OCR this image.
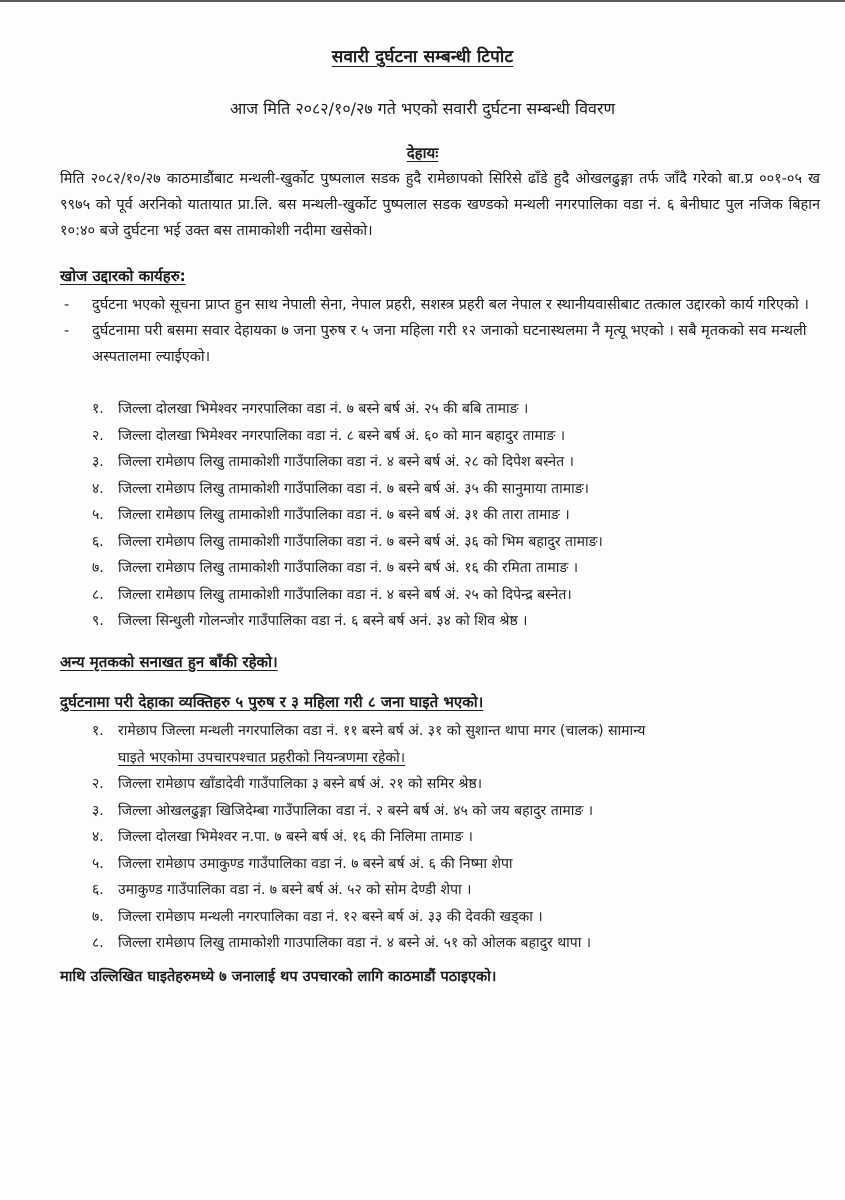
सवारी दुर्घटना सम्बन्धी टिपोट
आज मिति २०८२/१०/२७ गते भएको सवारी दुर्घटना सम्बन्धी विवरण
देहायः
मिति २०८२/१०/२७ काठमाडौंबाट मन्थली-खुर्कोट पुष्पलाल सडक हुदै रामेछापको सिरिसे ढाँडे हुदै ओखलढुङ्गा तर्फ जाँदै गरेको बा.प्र ००१-०५ ख ९९७५ को पूर्व अरनिको यातायात प्रा.लि. बस मन्थली-खुर्कोट पुष्पलाल सडक खण्डको मन्थली नगरपालिका वडा नं. ६ बेनीघाट पुल नजिक बिहान १०:४० बजे दुर्घटना भई उक्त बस तामाकोशी नदीमा खसेको।
खोज उद्दारको कार्यहरु:
- दुर्घटना भएको सूचना प्राप्त हुन साथ नेपाली सेना, नेपाल प्रहरी, सशस्त्र प्रहरी बल नेपाल र स्थानीयवासीबाट तत्काल उद्दारको कार्य गरिएको ।
- दुर्घटनामा परी बसमा सवार देहायका ७ जना पुरुष र ५ जना महिला गरी १२ जनाको घटनास्थलमा नै मृत्यू भएको । सबै मृतकको सव मन्थली अस्पतालमा ल्याईएको।
१. जिल्ला दोलखा भिमेश्वर नगरपालिका वडा नं. ७ बस्ने बर्ष अं. २५ की बबि तामाङ ।
२. जिल्ला दोलखा भिमेश्वर नगरपालिका वडा नं. ८ बस्ने बर्ष अं. ६० को मान बहादुर तामाङ ।
३. जिल्ला रामेछाप लिखु तामाकोशी गाउँपालिका वडा नं. ४ बस्ने बर्ष अं. २८ को दिपेश बस्नेत ।
४. जिल्ला रामेछाप लिखु तामाकोशी गाउँपालिका वडा नं. ७ बस्ने बर्ष अं. ३५ की सानुमाया तामाङ।
५. जिल्ला रामेछाप लिखु तामाकोशी गाउँपालिका वडा नं. ७ बस्ने बर्ष अं. ३१ की तारा तामाङ ।
६. जिल्ला रामेछाप लिखु तामाकोशी गाउँपालिका वडा नं. ७ बस्ने बर्ष अं. ३६ को भिम बहादुर तामाङ।
७. जिल्ला रामेछाप लिखु तामाकोशी गाउँपालिका वडा नं. ७ बस्ने बर्ष अं. १६ की रमिता तामाङ ।
८. जिल्ला रामेछाप लिखु तामाकोशी गाउँपालिका वडा नं. ४ बस्ने बर्ष अं. २५ को दिपेन्द्र बस्नेत।
९. जिल्ला सिन्धुली गोलन्जोर गाउँपालिका वडा नं. ६ बस्ने बर्ष अनं. ३४ को शिव श्रेष्ठ ।
अन्य मृतकको सनाखत हुन बाँकी रहेको।
दुर्घटनामा परी देहाका व्यक्तिहरु ५ पुरुष र ३ महिला गरी ८ जना घाइते भएको।
१. रामेछाप जिल्ला मन्थली नगरपालिका वडा नं. ११ बस्ने बर्ष अं. ३१ को सुशान्त थापा मगर (चालक) सामान्य
घाइते भएकोमा उपचारपश्चात प्रहरीको नियन्त्रणमा रहेको।
२. जिल्ला रामेछाप खाँडादेवी गाउँपालिका ३ बस्ने बर्ष अं. २१ को समिर श्रेष्ठ।
३. जिल्ला ओखलढुङ्गा खिजिदेम्बा गाउँपालिका वडा नं. २ बस्ने बर्ष अं. ४५ को जय बहादुर तामाङ ।
४. जिल्ला दोलखा भिमेश्वर न.पा. ७ बस्ने बर्ष अं. १६ की निलिमा तामाङ ।
५. जिल्ला रामेछाप उमाकुण्ड गाउँपालिका वडा नं. ७ बस्ने बर्ष अं. ६ की निष्मा शेपा
६. उमाकुण्ड गाउँपालिका वडा नं. ७ बस्ने बर्ष अं. ५२ को सोम देण्डी शेपा ।
७. जिल्ला रामेछाप मन्थली नगरपालिका वडा नं. १२ बस्ने बर्ष अं. ३३ की देवकी खड्का ।
८. जिल्ला रामेछाप लिखु तामाकोशी गाउपालिका वडा नं. ४ बस्ने अं. ५१ को ओलक बहादुर थापा ।
माथि उल्लिखित घाइतेहरुमध्ये ७ जनालाई थप उपचारको लागि काठमाडौं पठाइएको।
